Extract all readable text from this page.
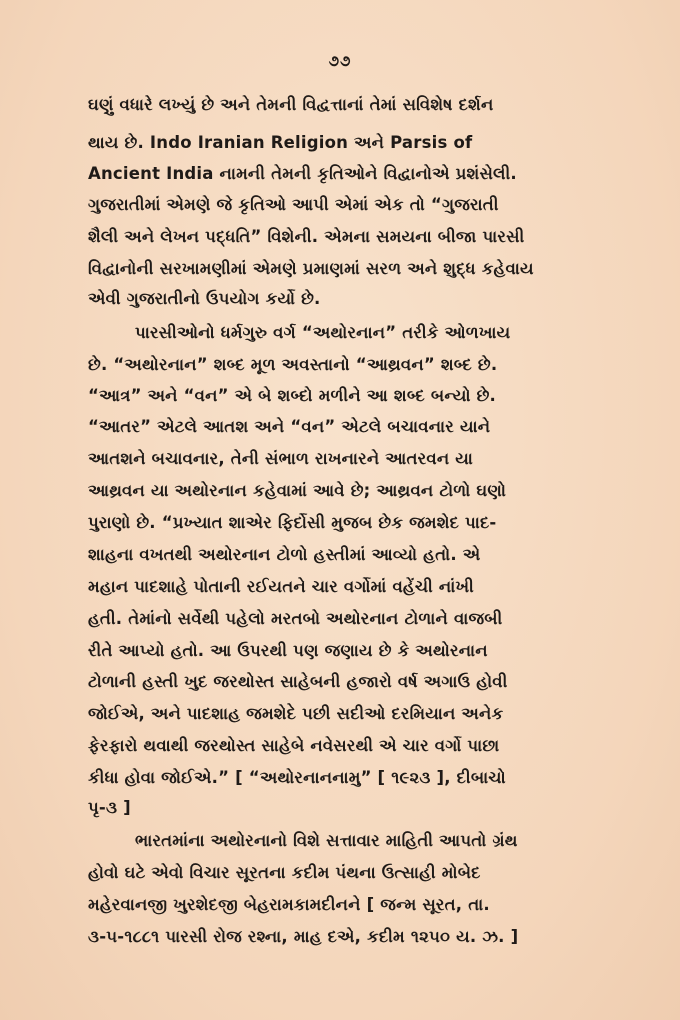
૭૭
ઘણું વધારે લખ્યું છે અને તેમની વિદ્વત્તાનાં તેમાં સવિશેષ દર્શન
થાય છે. Indo Iranian Religion અને Parsis of
Ancient India નામની તેમની કૃતિઓને વિદ્વાનોએ પ્રશંસેલી.
ગુજરાતીમાં એમણે જે કૃતિઓ આપી એમાં એક તો “ગુજરાતી
શૈલી અને લેખન પદ્ધતિ” વિશેની. એમના સમયના બીજા પારસી
વિદ્વાનોની સરખામણીમાં એમણે પ્રમાણમાં સરળ અને શુદ્ધ કહેવાય
એવી ગુજરાતીનો ઉપયોગ કર્યો છે.
પારસીઓનો ધર્મગુરુ વર્ગ “અથોરનાન” તરીકે ઓળખાય
છે. “અથોરનાન” શબ્દ મૂળ અવસ્તાનો “આથ્રવન” શબ્દ છે.
“આત્ર” અને “વન” એ બે શબ્દો મળીને આ શબ્દ બન્યો છે.
“આતર” એટલે આતશ અને “વન” એટલે બચાવનાર યાને
આતશને બચાવનાર, તેની સંભાળ રાખનારને આતરવન યા
આથ્રવન યા અથોરનાન કહેવામાં આવે છે; આથ્રવન ટોળો ઘણો
પુરાણો છે. “પ્રખ્યાત શાએર ફિર્દોસી મુજબ છેક જમશેદ પાદ-
શાહના વખતથી અથોરનાન ટોળો હસ્તીમાં આવ્યો હતો. એ
મહાન પાદશાહે પોતાની રઈયતને ચાર વર્ગોમાં વહેંચી નાંખી
હતી. તેમાંનો સર્વેથી પહેલો મરતબો અથોરનાન ટોળાને વાજબી
રીતે આપ્યો હતો. આ ઉપરથી પણ જણાય છે કે અથોરનાન
ટોળાની હસ્તી ખુદ જરથોસ્ત સાહેબની હજારો વર્ષ અગાઉ હોવી
જોઈએ, અને પાદશાહ જમશેદે પછી સદીઓ દરમિયાન અનેક
ફેરફારો થવાથી જરથોસ્ત સાહેબે નવેસરથી એ ચાર વર્ગો પાછા
કીધા હોવા જોઈએ.” [ “અથોરનાનનામુ” [ ૧૯૨૩ ], દીબાચો
પૃ-૩ ]
ભારતમાંના અથોરનાનો વિશે સત્તાવાર માહિતી આપતો ગ્રંથ
હોવો ઘટે એવો વિચાર સૂરતના કદીમ પંથના ઉત્સાહી મોબેદ
મહેરવાનજી ખુરશેદજી બેહરામકામદીનને [ જન્મ સૂરત, તા.
૩-૫-૧૮૮૧ પારસી રોજ રશ્ના, માહ દએ, કદીમ ૧૨૫૦ ય. ઝ. ]
